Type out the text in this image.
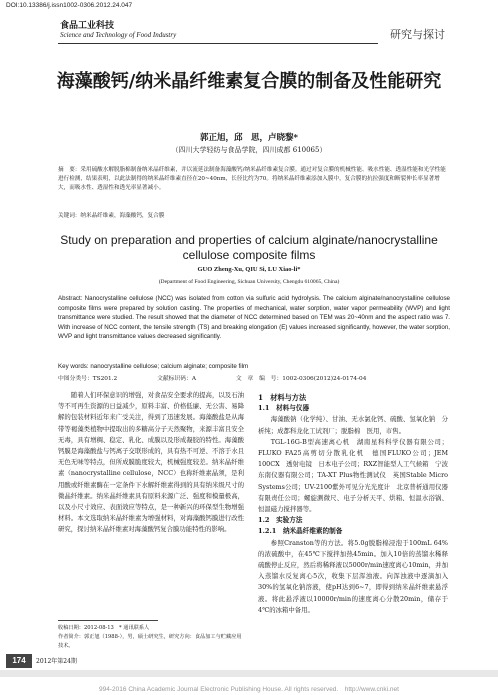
DOI:10.13386/j.issn1002-0306.2012.24.047
食品工业科技
Science and Technology of Food Industry	研究与探讨
海藻酸钙/纳米晶纤维素复合膜的制备及性能研究
郭正旭，邱　思，卢晓黎*
（四川大学轻纺与食品学院，四川成都 610065）
摘　要：采用硫酸水解脱脂棉制备纳米晶纤维素，并以流延法制备海藻酸钙/纳米晶纤维素复合膜。通过对复合膜的机械性能、吸水性能、透湿性能和光学性能进行检测，结果表明，以此法制得的纳米晶纤维素直径在20~40nm，长径比约为70。将纳米晶纤维素添加入膜中，复合膜的抗拉强度和断裂伸长率显著增大，而吸水性、透湿性和透光率显著减小。
关键词：纳米晶纤维素，海藻酸钙，复合膜
Study on preparation and properties of calcium alginate/nanocrystalline cellulose composite films
GUO Zheng-Xu, QIU Si, LU Xiao-li*
(Department of Food Engineering, Sichuan University, Chengdu 610065, China)
Abstract: Nanocrystalline cellulose (NCC) was isolated from cotton via sulfuric acid hydrolysis. The calcium alginate/nanocrystalline cellulose composite films were prepared by solution casting. The properties of mechanical, water sorption, water vapor permeability (WVP) and light transmittance were studied. The result showed that the diameter of NCC determined based on TEM was 20~40nm and the aspect ratio was 7. With increase of NCC content, the tensile strength (TS) and breaking elongation (E) values increased significantly, however, the water sorption, WVP and light transmittance values decreased significantly.
Key words: nanocrystalline cellulose; calcium alginate; composite film
中图分类号：TS201.2	文献标识码：A	文　章　编　号：1002-0306(2012)24-0174-04
随着人们环保意识的增强，对食品安全要求的提高，以及石油等不可再生资源的日益减少，原料丰富、价格低廉、无公害、易降解的包装材料近年来广受关注，得到了迅速发展。海藻酸盐是从海带等褐藻类植物中提取出的多糖高分子天然聚物，来源丰富且安全无毒，具有增稠、稳定、乳化、成膜以及形成凝胶的特性。海藻酸钙膜是海藻酸盐与钙离子交联形成的，具有热不可逆、不溶于水且无色无味等特点，但所成膜脆度较大，机械强度较差。纳米晶纤维素（nanocrystalline cellulose，NCC）也称纤维素晶须，是利用酸或纤维素酶在一定条件下水解纤维素得到的具有纳米级尺寸的微晶纤维素。纳米晶纤维素具有原料来源广泛、强度和模量极高，以及小尺寸效应、表面效应等特点，是一种新兴的环保型生物增强材料。本文选取纳米晶纤维素为增强材料，对海藻酸钙膜进行改性研究，探讨纳米晶纤维素对海藻酸钙复合膜功能特性的影响。
1　材料与方法
1.1　材料与仪器

海藻酸钠（化学纯）、甘油、无水氯化钙、硫酸、氢氧化钠　分析纯；成都科龙化工试剂厂；脱脂棉　医用，市售。

TGL-16G-B型高速离心机　湖南星科科学仪器有限公司；FLUKO FA25高剪切分散乳化机　德国FLUKO公司；JEM 100CX　透射电镜　日本电子公司；RXZ智能型人工气候箱　宁波东南仪器有限公司；TA-XT Plus物性测试仪　英国Stable Micro Systems公司；UV-2100紫外可见分光光度计　北京普析通用仪器有限责任公司；螺旋测微尺、电子分析天平、烘箱、恒温水浴锅、恒温磁力搅拌器等。

1.2　实验方法
1.2.1　纳米晶纤维素的制备

参照Cranston等的方法。将5.0g脱脂棉浸泡于100mL 64%的浓硫酸中，在45℃下搅拌加热45min。加入10倍的蒸馏水稀释硫酸停止反应，然后将稀释液以5000r/min速度离心10min，并加入蒸馏水反复离心5次，收集下层浑浊液。向浑浊液中逐滴加入30%的氢氧化钠溶液，使pH达到6~7，即得到纳米晶纤维素悬浮液。将此悬浮液以10000r/min的速度离心分散20min，储存于4℃的冰箱中备用。

收稿日期：2012-08-13　* 通讯联系人
作者简介：郭正旭（1988-），男，硕士研究生，研究方向：食品加工与贮藏应用技术。
174	2012年第24期
994-2016 China Academic Journal Electronic Publishing House. All rights reserved.　http://www.cnki.net
